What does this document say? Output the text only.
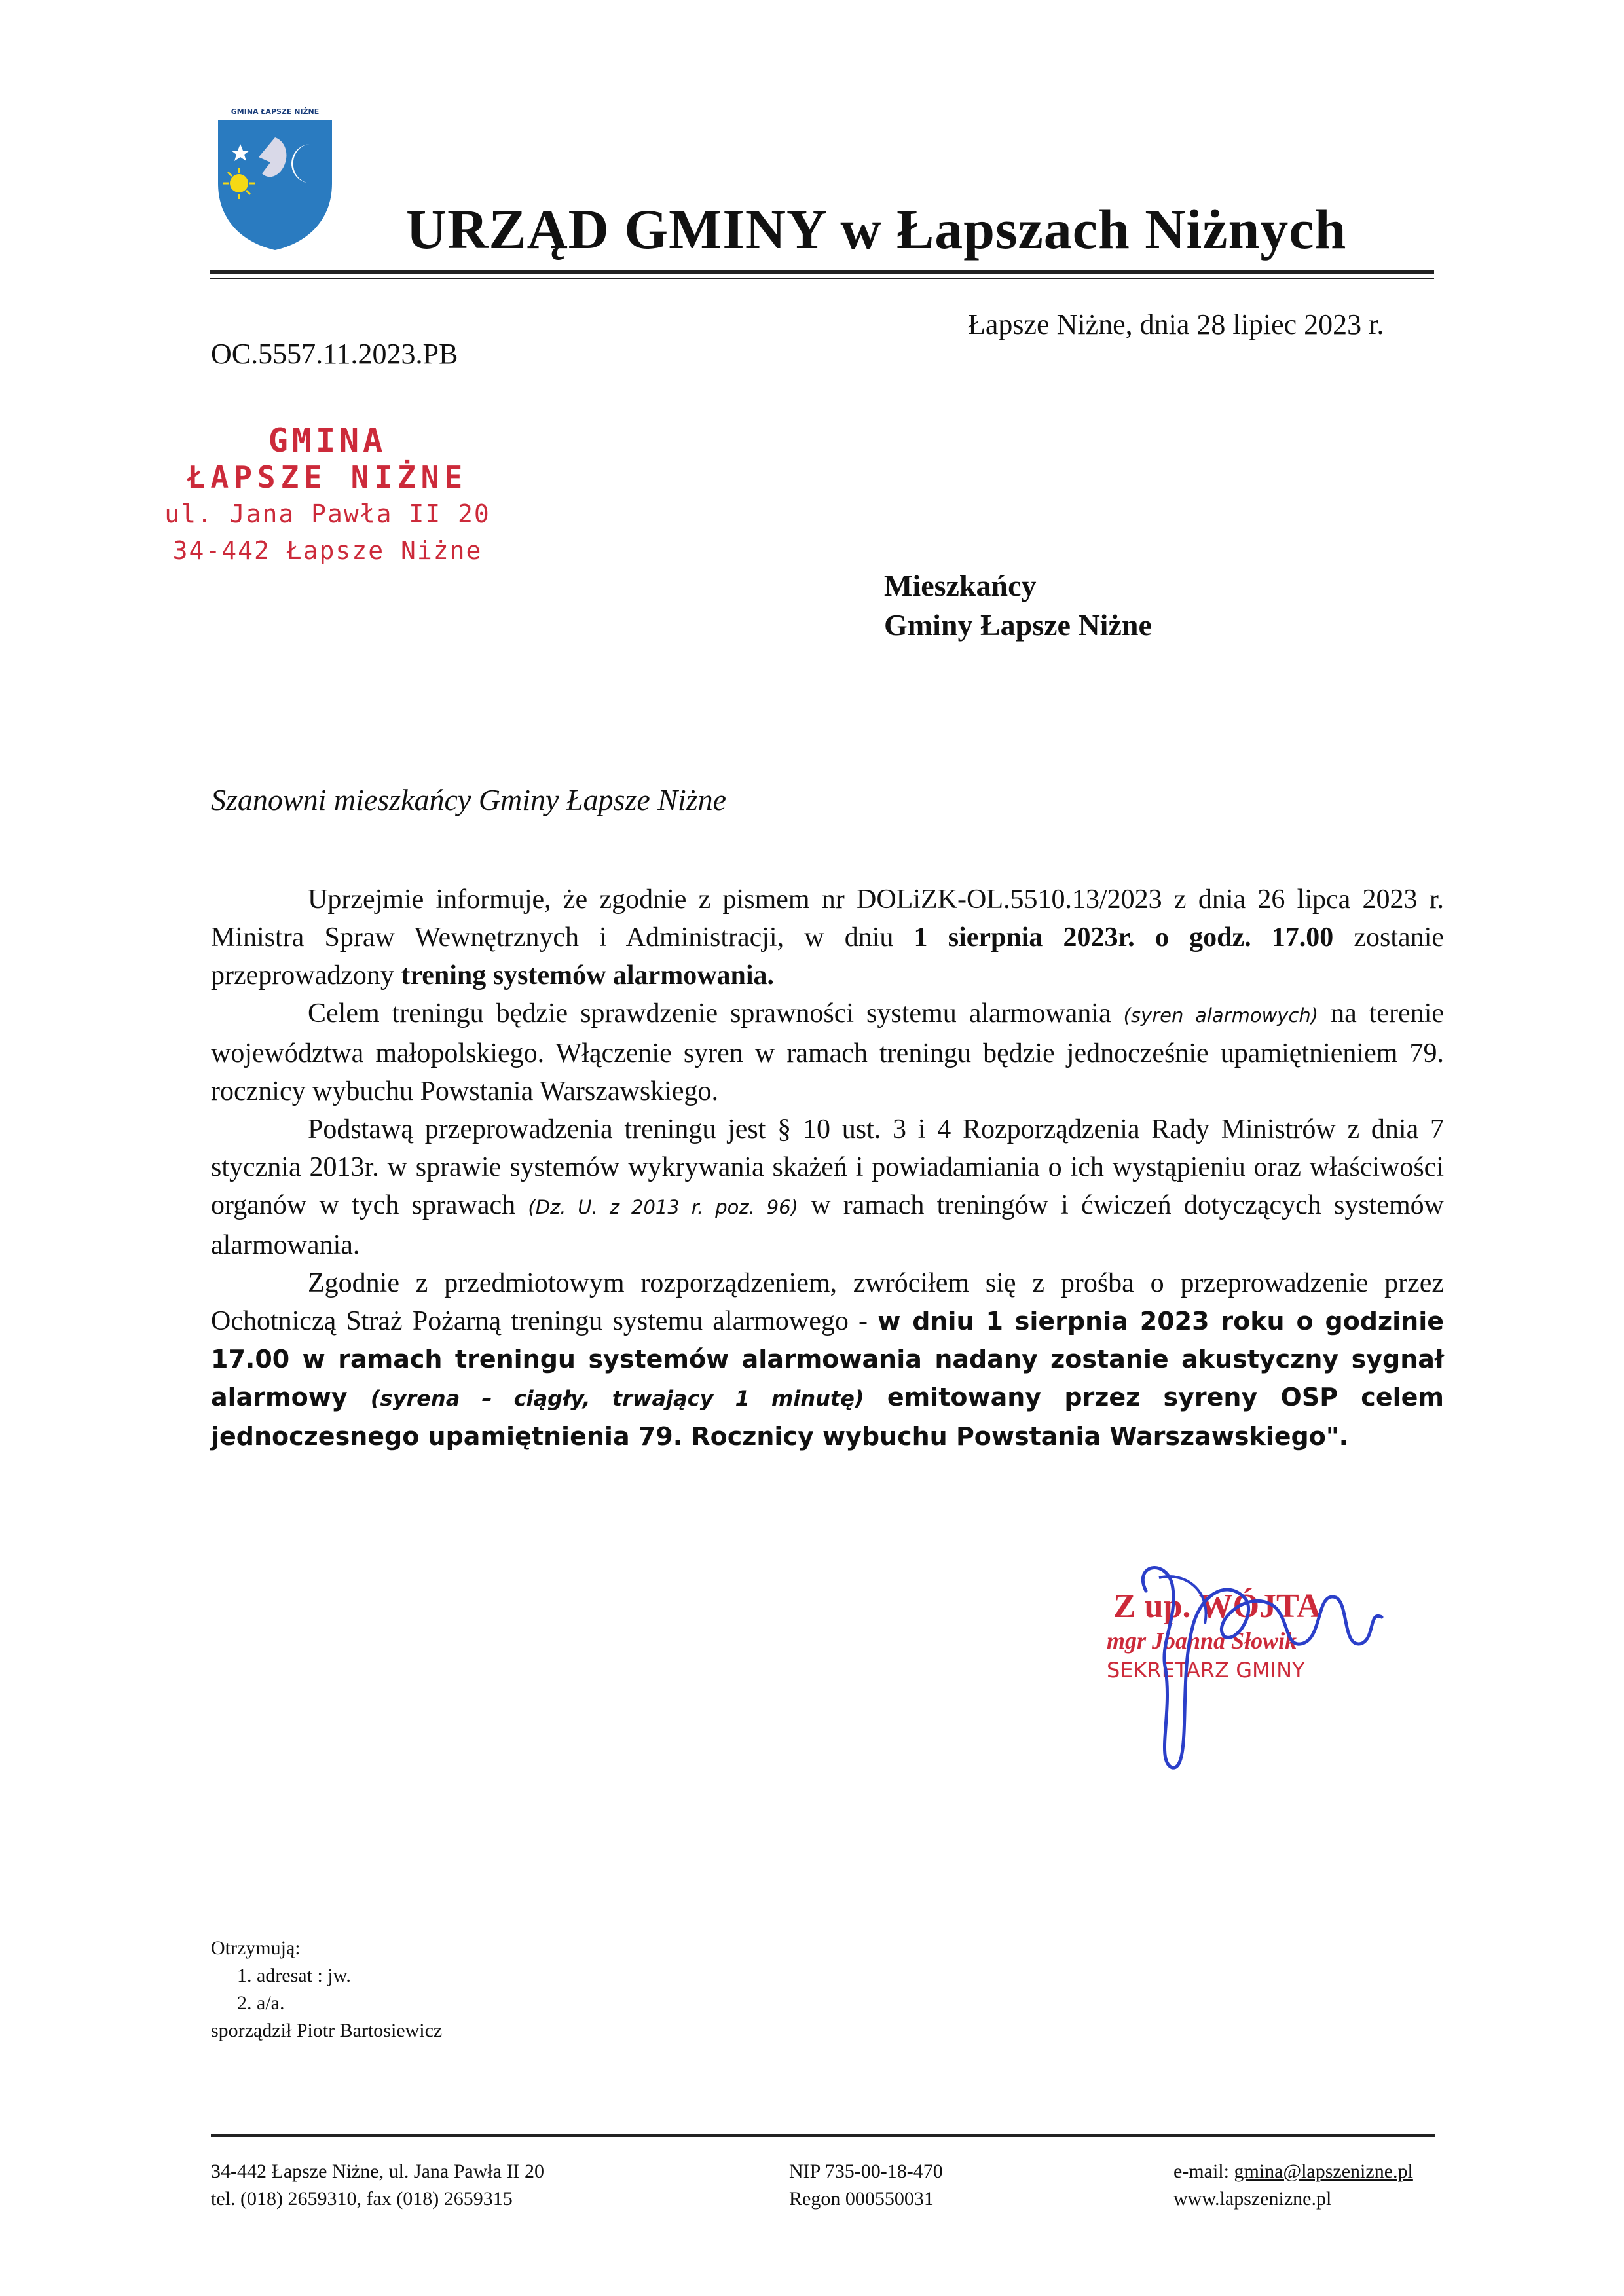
GMINA ŁAPSZE NIŻNE
URZĄD GMINY w Łapszach Niżnych
OC.5557.11.2023.PB
Łapsze Niżne, dnia 28 lipiec 2023 r.
GMINA
ŁAPSZE NIŻNE
ul. Jana Pawła II 20
34-442 Łapsze Niżne
Mieszkańcy
Gminy Łapsze Niżne
Szanowni mieszkańcy Gminy Łapsze Niżne

Uprzejmie informuje, że zgodnie z pismem nr DOLiZK-OL.5510.13/2023 z dnia 26 lipca 2023 r. Ministra Spraw Wewnętrznych i Administracji, w dniu 1 sierpnia 2023r. o godz. 17.00 zostanie przeprowadzony trening systemów alarmowania.

Celem treningu będzie sprawdzenie sprawności systemu alarmowania (syren alarmowych) na terenie województwa małopolskiego. Włączenie syren w ramach treningu będzie jednocześnie upamiętnieniem 79. rocznicy wybuchu Powstania Warszawskiego.

Podstawą przeprowadzenia treningu jest § 10 ust. 3 i 4 Rozporządzenia Rady Ministrów z dnia 7 stycznia 2013r. w sprawie systemów wykrywania skażeń i powiadamiania o ich wystąpieniu oraz właściwości organów w tych sprawach (Dz. U. z 2013 r. poz. 96) w ramach treningów i ćwiczeń dotyczących systemów alarmowania.

Zgodnie z przedmiotowym rozporządzeniem, zwróciłem się z prośba o przeprowadzenie przez Ochotniczą Straż Pożarną treningu systemu alarmowego - w dniu 1 sierpnia 2023 roku o godzinie 17.00 w ramach treningu systemów alarmowania nadany zostanie akustyczny sygnał alarmowy (syrena – ciągły, trwający 1 minutę) emitowany przez syreny OSP celem jednoczesnego upamiętnienia 79. Rocznicy wybuchu Powstania Warszawskiego".

Z up. WÓJTA
mgr Joanna Słowik
SEKRETARZ GMINY
Otrzymują:
1. adresat : jw.
2. a/a.
sporządził Piotr Bartosiewicz
34-442 Łapsze Niżne, ul. Jana Pawła II 20
tel. (018) 2659310, fax (018) 2659315
NIP 735-00-18-470
Regon 000550031
e-mail: gmina@lapszenizne.pl
www.lapszenizne.pl
